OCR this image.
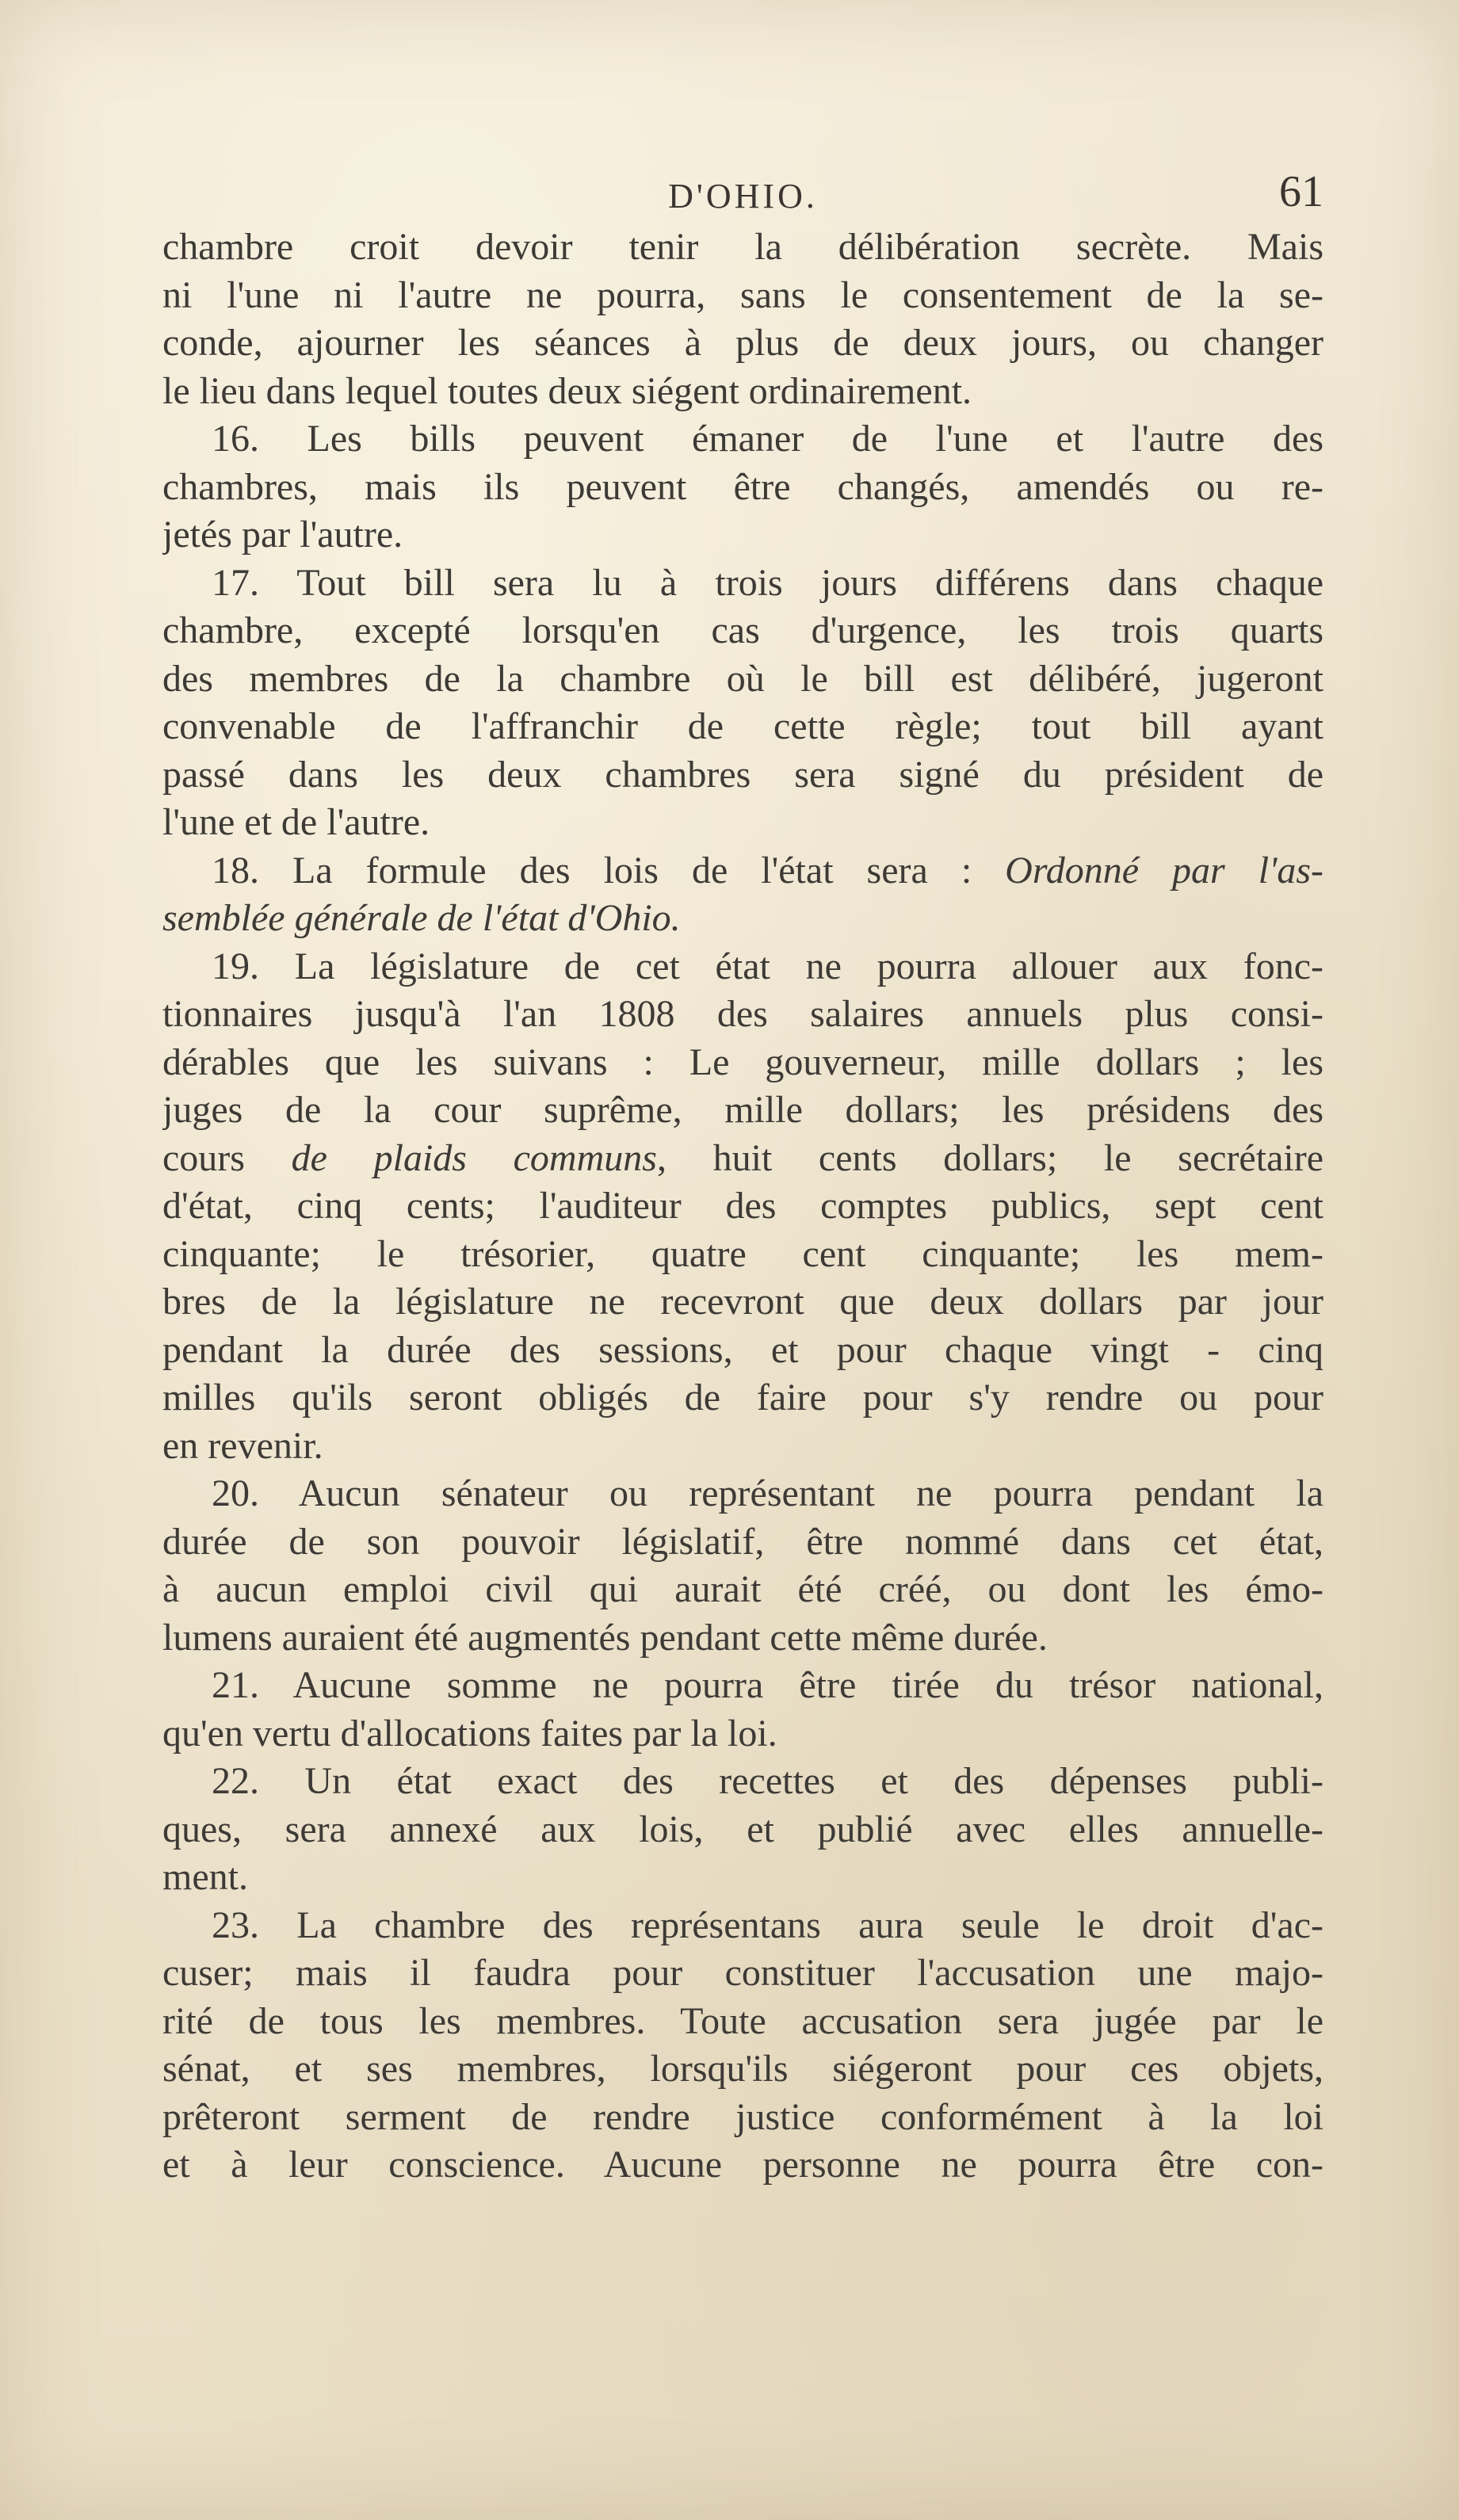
D'OHIO.	61
chambre croit devoir tenir la délibération secrète. Mais
ni l'une ni l'autre ne pourra, sans le consentement de la se-
conde, ajourner les séances à plus de deux jours, ou changer
le lieu dans lequel toutes deux siégent ordinairement.
16. Les bills peuvent émaner de l'une et l'autre des
chambres, mais ils peuvent être changés, amendés ou re-
jetés par l'autre.
17. Tout bill sera lu à trois jours différens dans chaque
chambre, excepté lorsqu'en cas d'urgence, les trois quarts
des membres de la chambre où le bill est délibéré, jugeront
convenable de l'affranchir de cette règle; tout bill ayant
passé dans les deux chambres sera signé du président de
l'une et de l'autre.
18. La formule des lois de l'état sera : Ordonné par l'as-
semblée générale de l'état d'Ohio.
19. La législature de cet état ne pourra allouer aux fonc-
tionnaires jusqu'à l'an 1808 des salaires annuels plus consi-
dérables que les suivans : Le gouverneur, mille dollars ; les
juges de la cour suprême, mille dollars; les présidens des
cours de plaids communs, huit cents dollars; le secrétaire
d'état, cinq cents; l'auditeur des comptes publics, sept cent
cinquante; le trésorier, quatre cent cinquante; les mem-
bres de la législature ne recevront que deux dollars par jour
pendant la durée des sessions, et pour chaque vingt - cinq
milles qu'ils seront obligés de faire pour s'y rendre ou pour
en revenir.
20. Aucun sénateur ou représentant ne pourra pendant la
durée de son pouvoir législatif, être nommé dans cet état,
à aucun emploi civil qui aurait été créé, ou dont les émo-
lumens auraient été augmentés pendant cette même durée.
21. Aucune somme ne pourra être tirée du trésor national,
qu'en vertu d'allocations faites par la loi.
22. Un état exact des recettes et des dépenses publi-
ques, sera annexé aux lois, et publié avec elles annuelle-
ment.
23. La chambre des représentans aura seule le droit d'ac-
cuser; mais il faudra pour constituer l'accusation une majo-
rité de tous les membres. Toute accusation sera jugée par le
sénat, et ses membres, lorsqu'ils siégeront pour ces objets,
prêteront serment de rendre justice conformément à la loi
et à leur conscience. Aucune personne ne pourra être con-
